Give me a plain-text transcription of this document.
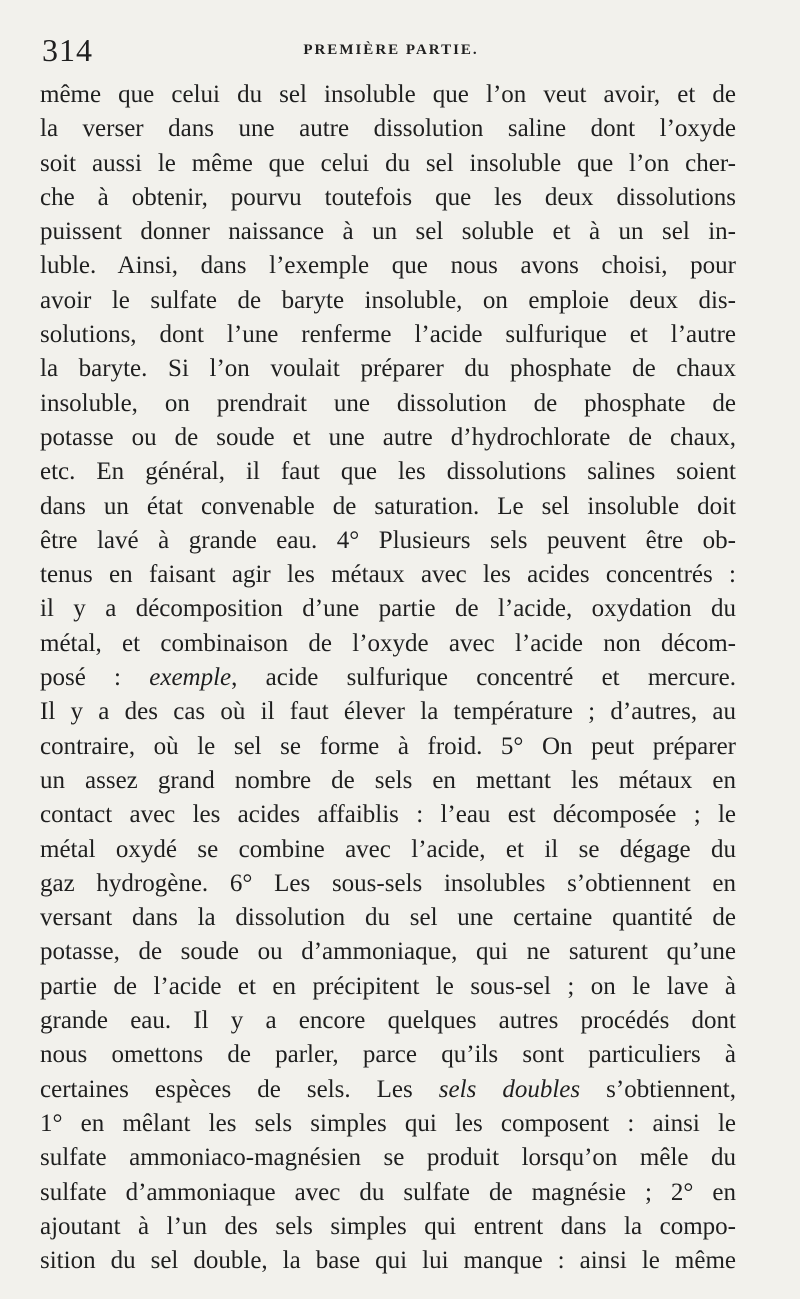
314	PREMIÈRE PARTIE.
même que celui du sel insoluble que l’on veut avoir, et de
la verser dans une autre dissolution saline dont l’oxyde
soit aussi le même que celui du sel insoluble que l’on cher-
che à obtenir, pourvu toutefois que les deux dissolutions
puissent donner naissance à un sel soluble et à un sel in-
luble. Ainsi, dans l’exemple que nous avons choisi, pour
avoir le sulfate de baryte insoluble, on emploie deux dis-
solutions, dont l’une renferme l’acide sulfurique et l’autre
la baryte. Si l’on voulait préparer du phosphate de chaux
insoluble, on prendrait une dissolution de phosphate de
potasse ou de soude et une autre d’hydrochlorate de chaux,
etc. En général, il faut que les dissolutions salines soient
dans un état convenable de saturation. Le sel insoluble doit
être lavé à grande eau. 4° Plusieurs sels peuvent être ob-
tenus en faisant agir les métaux avec les acides concentrés :
il y a décomposition d’une partie de l’acide, oxydation du
métal, et combinaison de l’oxyde avec l’acide non décom-
posé : exemple, acide sulfurique concentré et mercure.
Il y a des cas où il faut élever la température ; d’autres, au
contraire, où le sel se forme à froid. 5° On peut préparer
un assez grand nombre de sels en mettant les métaux en
contact avec les acides affaiblis : l’eau est décomposée ; le
métal oxydé se combine avec l’acide, et il se dégage du
gaz hydrogène. 6° Les sous-sels insolubles s’obtiennent en
versant dans la dissolution du sel une certaine quantité de
potasse, de soude ou d’ammoniaque, qui ne saturent qu’une
partie de l’acide et en précipitent le sous-sel ; on le lave à
grande eau. Il y a encore quelques autres procédés dont
nous omettons de parler, parce qu’ils sont particuliers à
certaines espèces de sels. Les sels doubles s’obtiennent,
1° en mêlant les sels simples qui les composent : ainsi le
sulfate ammoniaco-magnésien se produit lorsqu’on mêle du
sulfate d’ammoniaque avec du sulfate de magnésie ; 2° en
ajoutant à l’un des sels simples qui entrent dans la compo-
sition du sel double, la base qui lui manque : ainsi le même
